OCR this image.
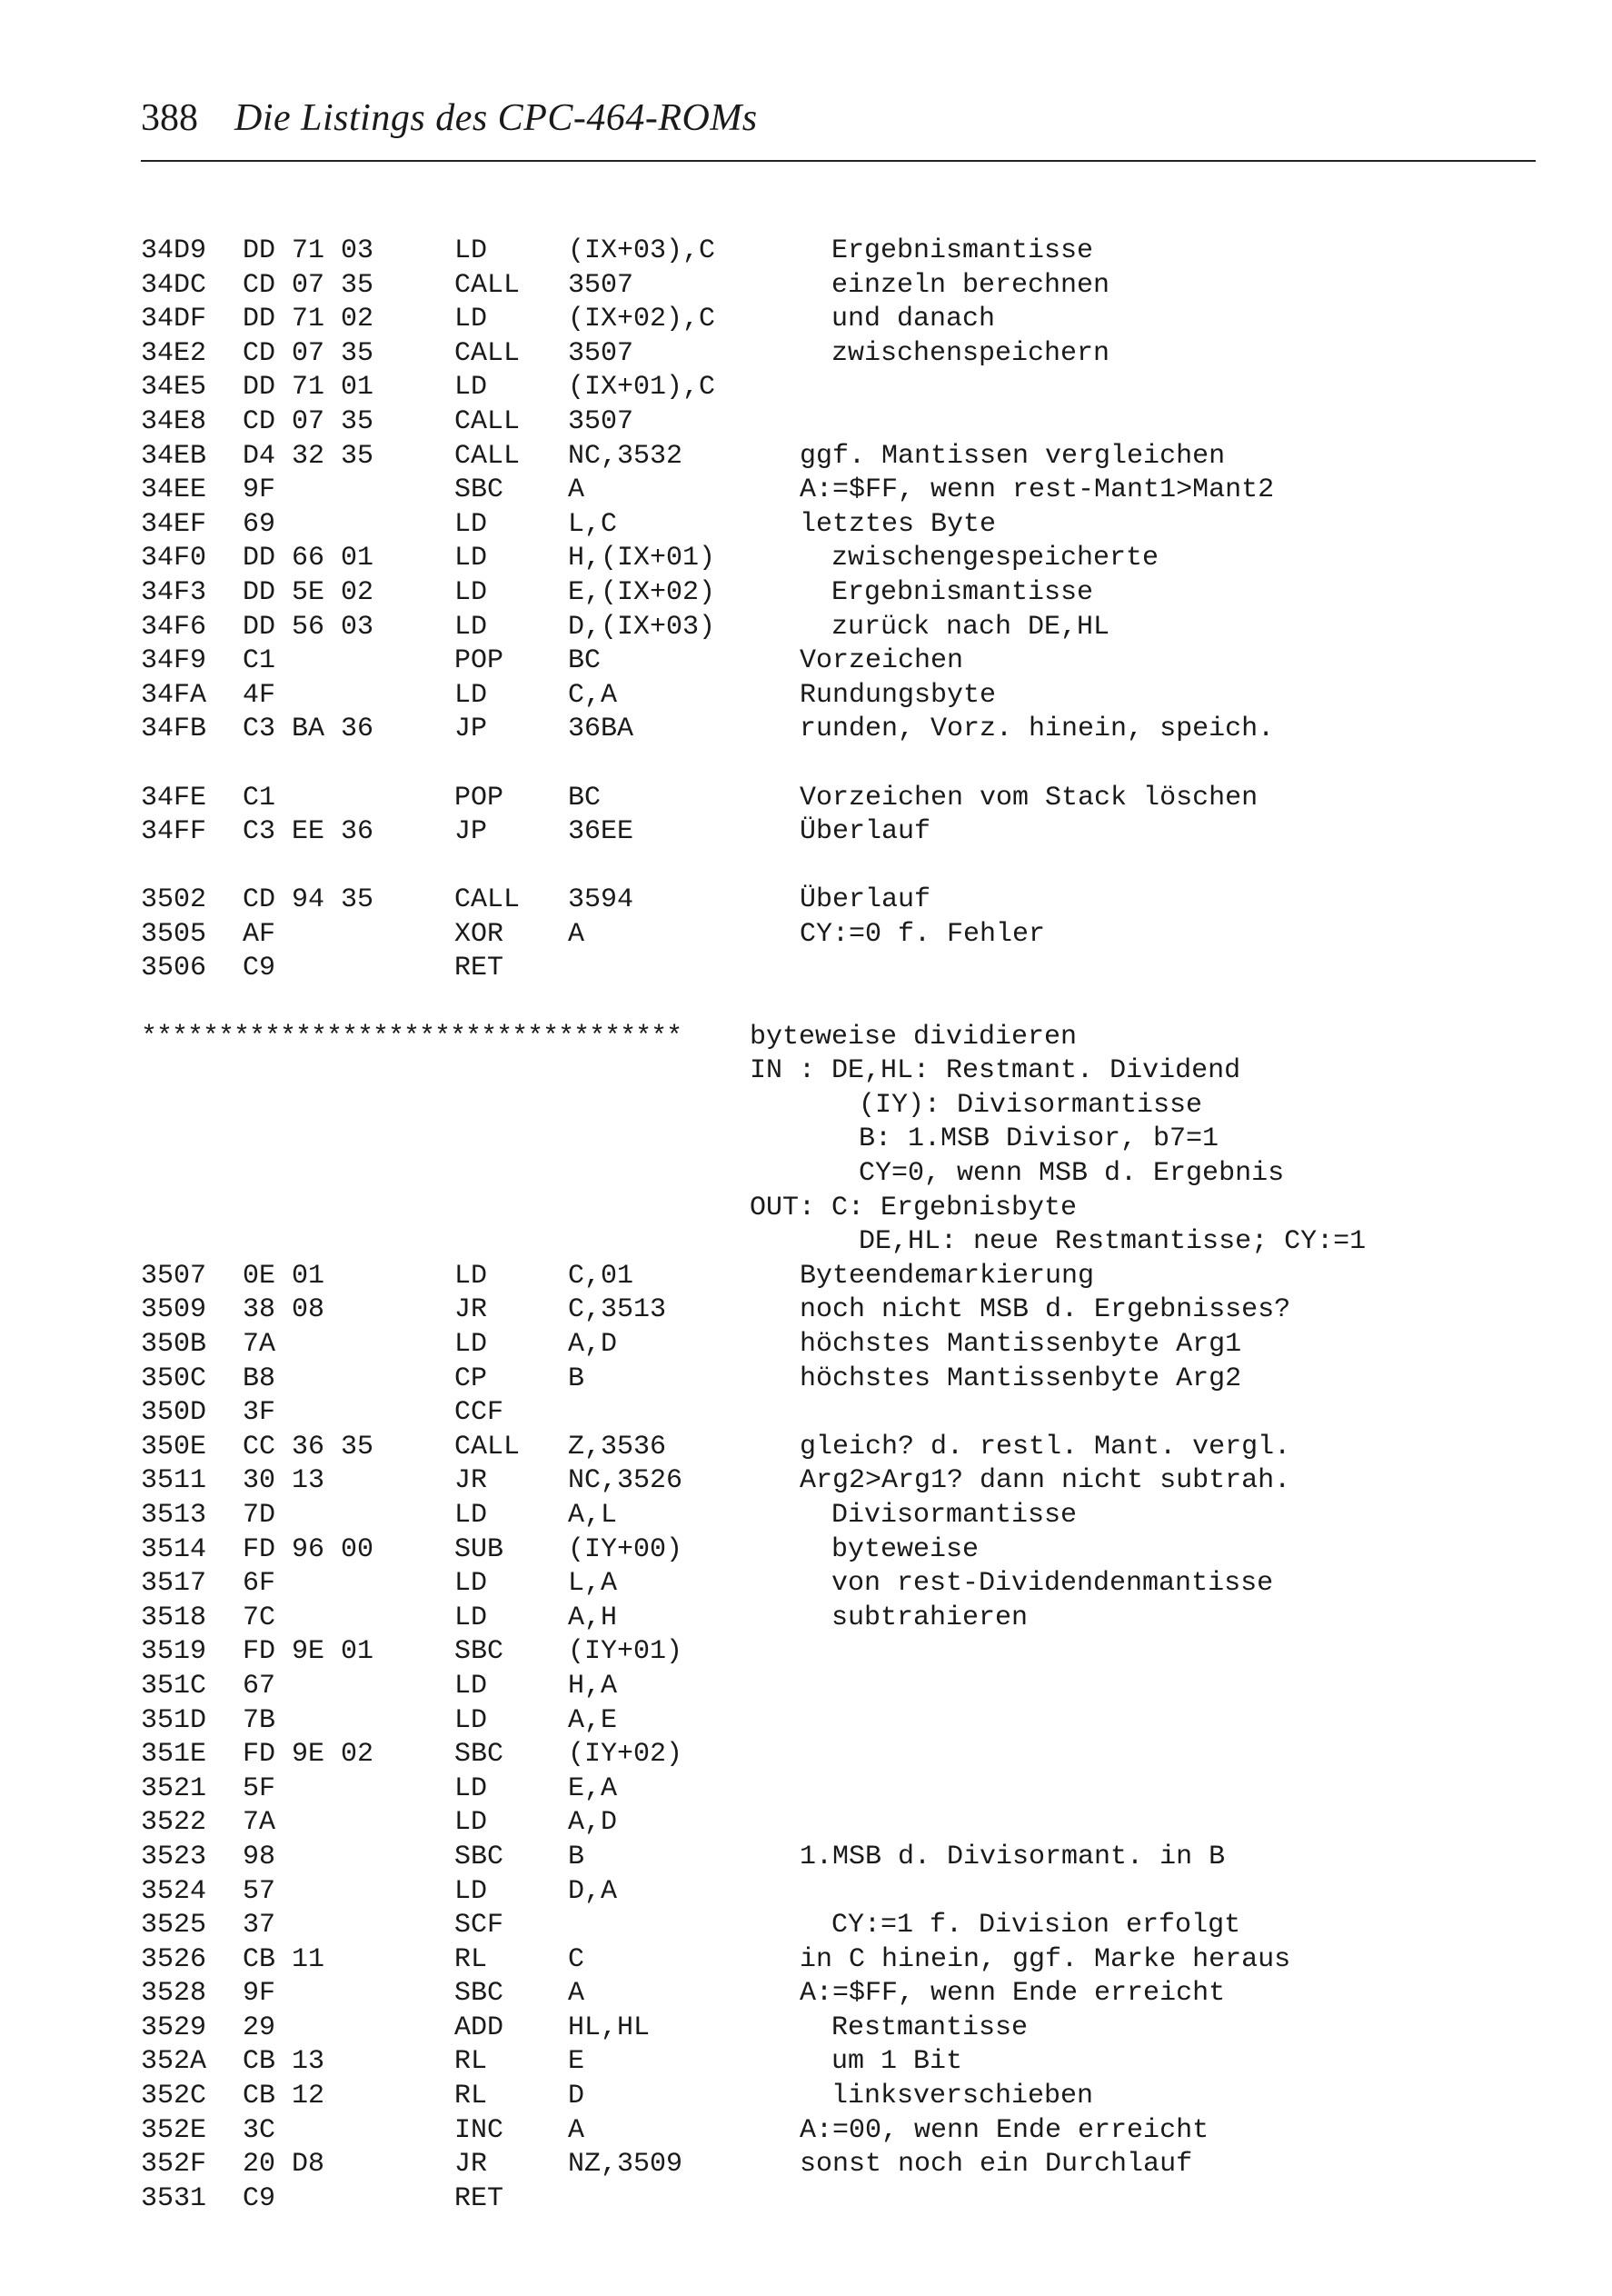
388 Die Listings des CPC-464-ROMs
34D9 DD 71 03	LD	(IX+03),C	Ergebnismantisse
34DC CD 07 35	CALL 3507	einzeln berechnen
34DF DD 71 02	LD	(IX+02),C	und danach
34E2 CD 07 35	CALL 3507	zwischenspeichern
34E5 DD 71 01	LD	(IX+01),C
34E8 CD 07 35	CALL 3507
34EB D4 32 35	CALL NC,3532	ggf. Mantissen vergleichen
34EE 9F	SBC A	A:=$FF, wenn rest-Mant1>Mant2
34EF 69	LD	L,C	letztes Byte
34F0 DD 66 01	LD	H,(IX+01)	zwischengespeicherte
34F3 DD 5E 02	LD	E,(IX+02)	Ergebnismantisse
34F6 DD 56 03	LD	D,(IX+03)	zurück nach DE,HL
34F9 C1	POP BC	Vorzeichen
34FA 4F	LD	C,A	Rundungsbyte
34FB C3 BA 36	JP	36BA	runden, Vorz. hinein, speich.
34FE C1	POP BC	Vorzeichen vom Stack löschen
34FF C3 EE 36	JP	36EE	Überlauf
3502 CD 94 35	CALL 3594	Überlauf
3505 AF	XOR A	CY:=0 f. Fehler
3506 C9	RET
*********************************** byteweise dividieren
IN : DE,HL: Restmant. Dividend
(IY): Divisormantisse
B: 1.MSB Divisor, b7=1
CY=0, wenn MSB d. Ergebnis
OUT: C: Ergebnisbyte
DE,HL: neue Restmantisse; CY:=1
3507 0E 01	LD	C,01	Byteendemarkierung
3509 38 08	JR	C,3513	noch nicht MSB d. Ergebnisses?
350B 7A	LD	A,D	höchstes Mantissenbyte Arg1
350C B8	CP	B	höchstes Mantissenbyte Arg2
350D 3F	CCF
350E CC 36 35	CALL Z,3536	gleich? d. restl. Mant. vergl.
3511 30 13	JR	NC,3526	Arg2>Arg1? dann nicht subtrah.
3513 7D	LD	A,L	Divisormantisse
3514 FD 96 00	SUB (IY+00)	byteweise
3517 6F	LD	L,A	von rest-Dividendenmantisse
3518 7C	LD	A,H	subtrahieren
3519 FD 9E 01	SBC (IY+01)
351C 67	LD	H,A
351D 7B	LD	A,E
351E FD 9E 02	SBC (IY+02)
3521 5F	LD	E,A
3522 7A	LD	A,D
3523 98	SBC B	1.MSB d. Divisormant. in B
3524 57	LD	D,A
3525 37	SCF	CY:=1 f. Division erfolgt
3526 CB 11	RL	C	in C hinein, ggf. Marke heraus
3528 9F	SBC A	A:=$FF, wenn Ende erreicht
3529 29	ADD HL,HL	Restmantisse
352A CB 13	RL	E	um 1 Bit
352C CB 12	RL	D	linksverschieben
352E 3C	INC A	A:=00, wenn Ende erreicht
352F 20 D8	JR	NZ,3509	sonst noch ein Durchlauf
3531 C9	RET
